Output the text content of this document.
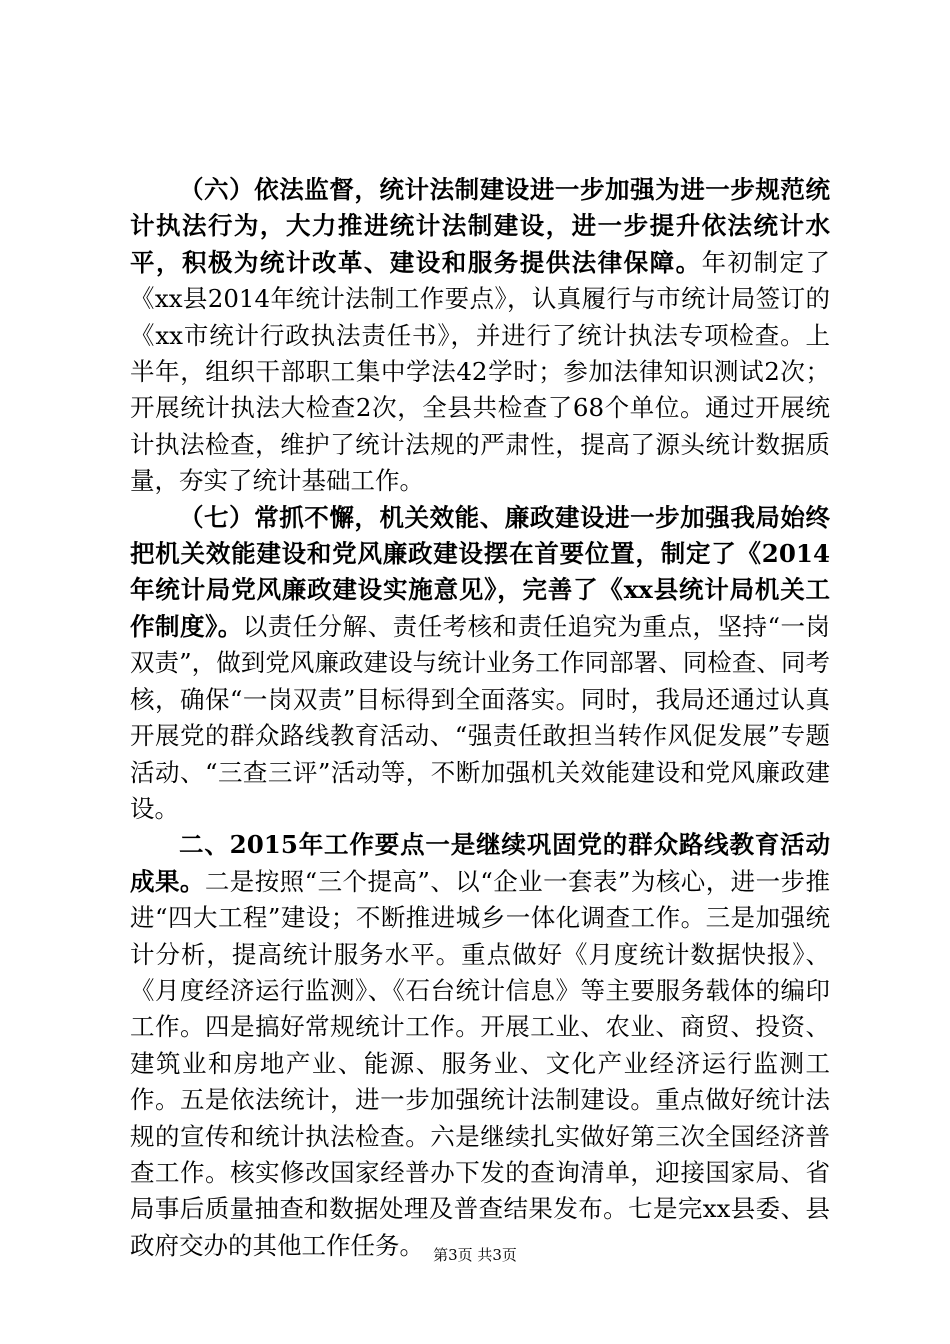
（六）依法监督，统计法制建设进一步加强为进一步规范统计执法行为，大力推进统计法制建设，进一步提升依法统计水平，积极为统计改革、建设和服务提供法律保障。年初制定了《xx县2014年统计法制工作要点》，认真履行与市统计局签订的《xx市统计行政执法责任书》，并进行了统计执法专项检查。上半年，组织干部职工集中学法42学时；参加法律知识测试2次；开展统计执法大检查2次，全县共检查了68个单位。通过开展统计执法检查，维护了统计法规的严肃性，提高了源头统计数据质量，夯实了统计基础工作。

（七）常抓不懈，机关效能、廉政建设进一步加强我局始终把机关效能建设和党风廉政建设摆在首要位置，制定了《2014年统计局党风廉政建设实施意见》，完善了《xx县统计局机关工作制度》。以责任分解、责任考核和责任追究为重点，坚持“一岗双责”，做到党风廉政建设与统计业务工作同部署、同检查、同考核，确保“一岗双责”目标得到全面落实。同时，我局还通过认真开展党的群众路线教育活动、“强责任敢担当转作风促发展”专题活动、“三查三评”活动等，不断加强机关效能建设和党风廉政建设。

二、2015年工作要点一是继续巩固党的群众路线教育活动成果。二是按照“三个提高”、以“企业一套表”为核心，进一步推进“四大工程”建设；不断推进城乡一体化调查工作。三是加强统计分析，提高统计服务水平。重点做好《月度统计数据快报》、《月度经济运行监测》、《石台统计信息》等主要服务载体的编印工作。四是搞好常规统计工作。开展工业、农业、商贸、投资、建筑业和房地产业、能源、服务业、文化产业经济运行监测工作。五是依法统计，进一步加强统计法制建设。重点做好统计法规的宣传和统计执法检查。六是继续扎实做好第三次全国经济普查工作。核实修改国家经普办下发的查询清单，迎接国家局、省局事后质量抽查和数据处理及普查结果发布。七是完xx县委、县政府交办的其他工作任务。 第3页 共3页
